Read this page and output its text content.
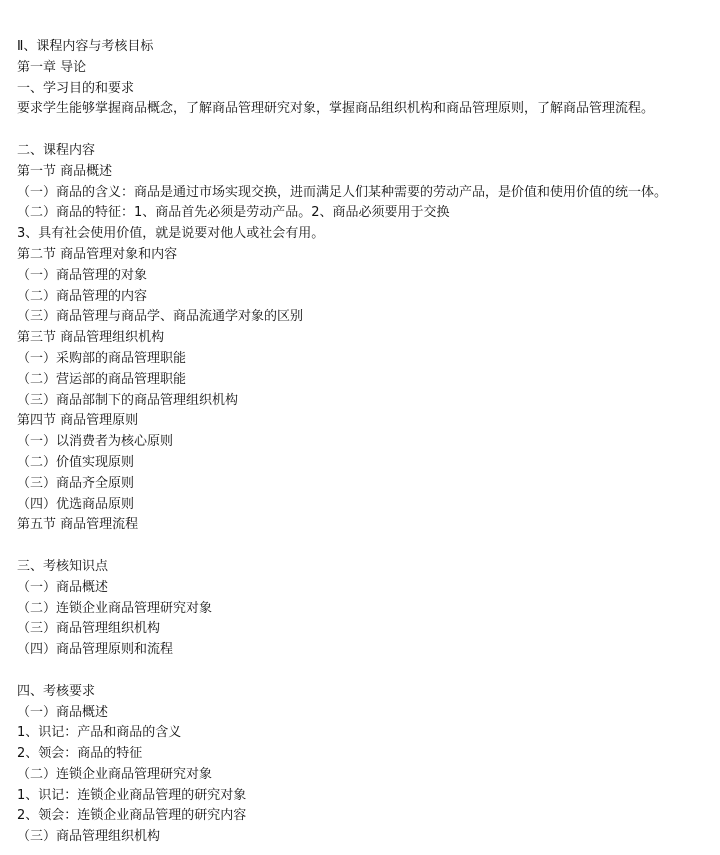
Ⅱ、课程内容与考核目标
第一章 导论
一、学习目的和要求
要求学生能够掌握商品概念，了解商品管理研究对象，掌握商品组织机构和商品管理原则，了解商品管理流程。
二、课程内容
第一节 商品概述
（一）商品的含义：商品是通过市场实现交换，进而满足人们某种需要的劳动产品，是价值和使用价值的统一体。
（二）商品的特征：1、商品首先必须是劳动产品。2、商品必须要用于交换
3、具有社会使用价值，就是说要对他人或社会有用。
第二节 商品管理对象和内容
（一）商品管理的对象
（二）商品管理的内容
（三）商品管理与商品学、商品流通学对象的区别
第三节 商品管理组织机构
（一）采购部的商品管理职能
（二）营运部的商品管理职能
（三）商品部制下的商品管理组织机构
第四节 商品管理原则
（一）以消费者为核心原则
（二）价值实现原则
（三）商品齐全原则
（四）优选商品原则
第五节 商品管理流程
三、考核知识点
（一）商品概述
（二）连锁企业商品管理研究对象
（三）商品管理组织机构
（四）商品管理原则和流程
四、考核要求
（一）商品概述
1、识记：产品和商品的含义
2、领会：商品的特征
（二）连锁企业商品管理研究对象
1、识记：连锁企业商品管理的研究对象
2、领会：连锁企业商品管理的研究内容
（三）商品管理组织机构
